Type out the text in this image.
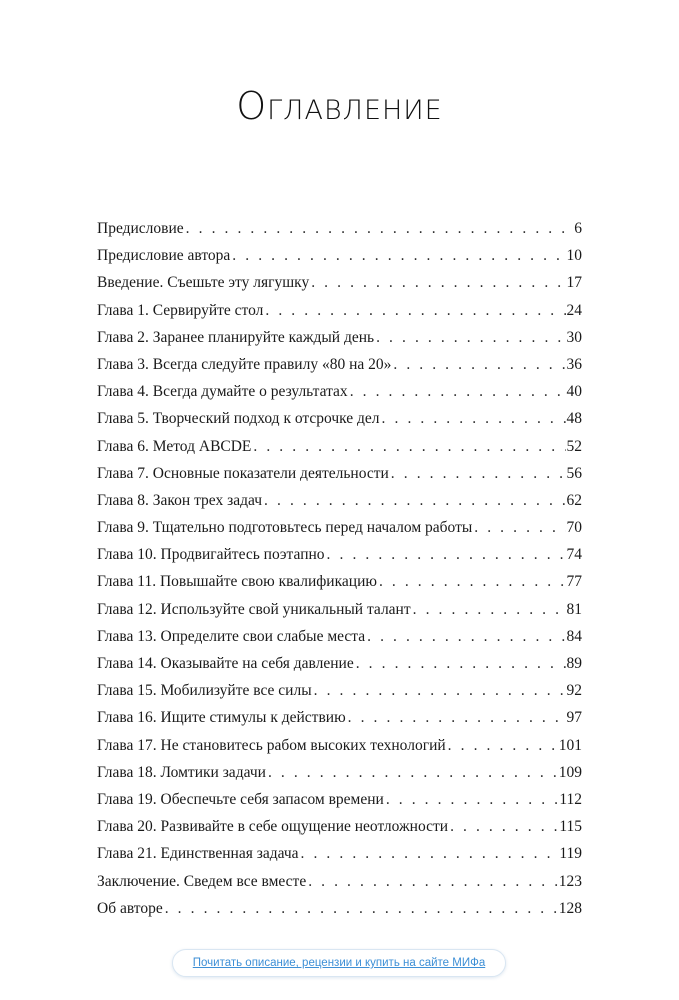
Оглавление
Предисловие . . .	6
Предисловие автора . . .	10
Введение. Съешьте эту лягушку . . .	17
Глава 1. Сервируйте стол . . .	24
Глава 2. Заранее планируйте каждый день . . .	30
Глава 3. Всегда следуйте правилу «80 на 20» . . .	36
Глава 4. Всегда думайте о результатах . . .	40
Глава 5. Творческий подход к отсрочке дел . . .	48
Глава 6. Метод ABCDE . . .	52
Глава 7. Основные показатели деятельности . . .	56
Глава 8. Закон трех задач . . .	62
Глава 9. Тщательно подготовьтесь перед началом работы . . .	70
Глава 10. Продвигайтесь поэтапно . . .	74
Глава 11. Повышайте свою квалификацию . . .	77
Глава 12. Используйте свой уникальный талант . . .	81
Глава 13. Определите свои слабые места . . .	84
Глава 14. Оказывайте на себя давление . . .	89
Глава 15. Мобилизуйте все силы . . .	92
Глава 16. Ищите стимулы к действию . . .	97
Глава 17. Не становитесь рабом высоких технологий . . .	101
Глава 18. Ломтики задачи . . .	109
Глава 19. Обеспечьте себя запасом времени . . .	112
Глава 20. Развивайте в себе ощущение неотложности . . .	115
Глава 21. Единственная задача . . .	119
Заключение. Сведем все вместе . . .	123
Об авторе . . .	128
Почитать описание, рецензии и купить на сайте МИФа
